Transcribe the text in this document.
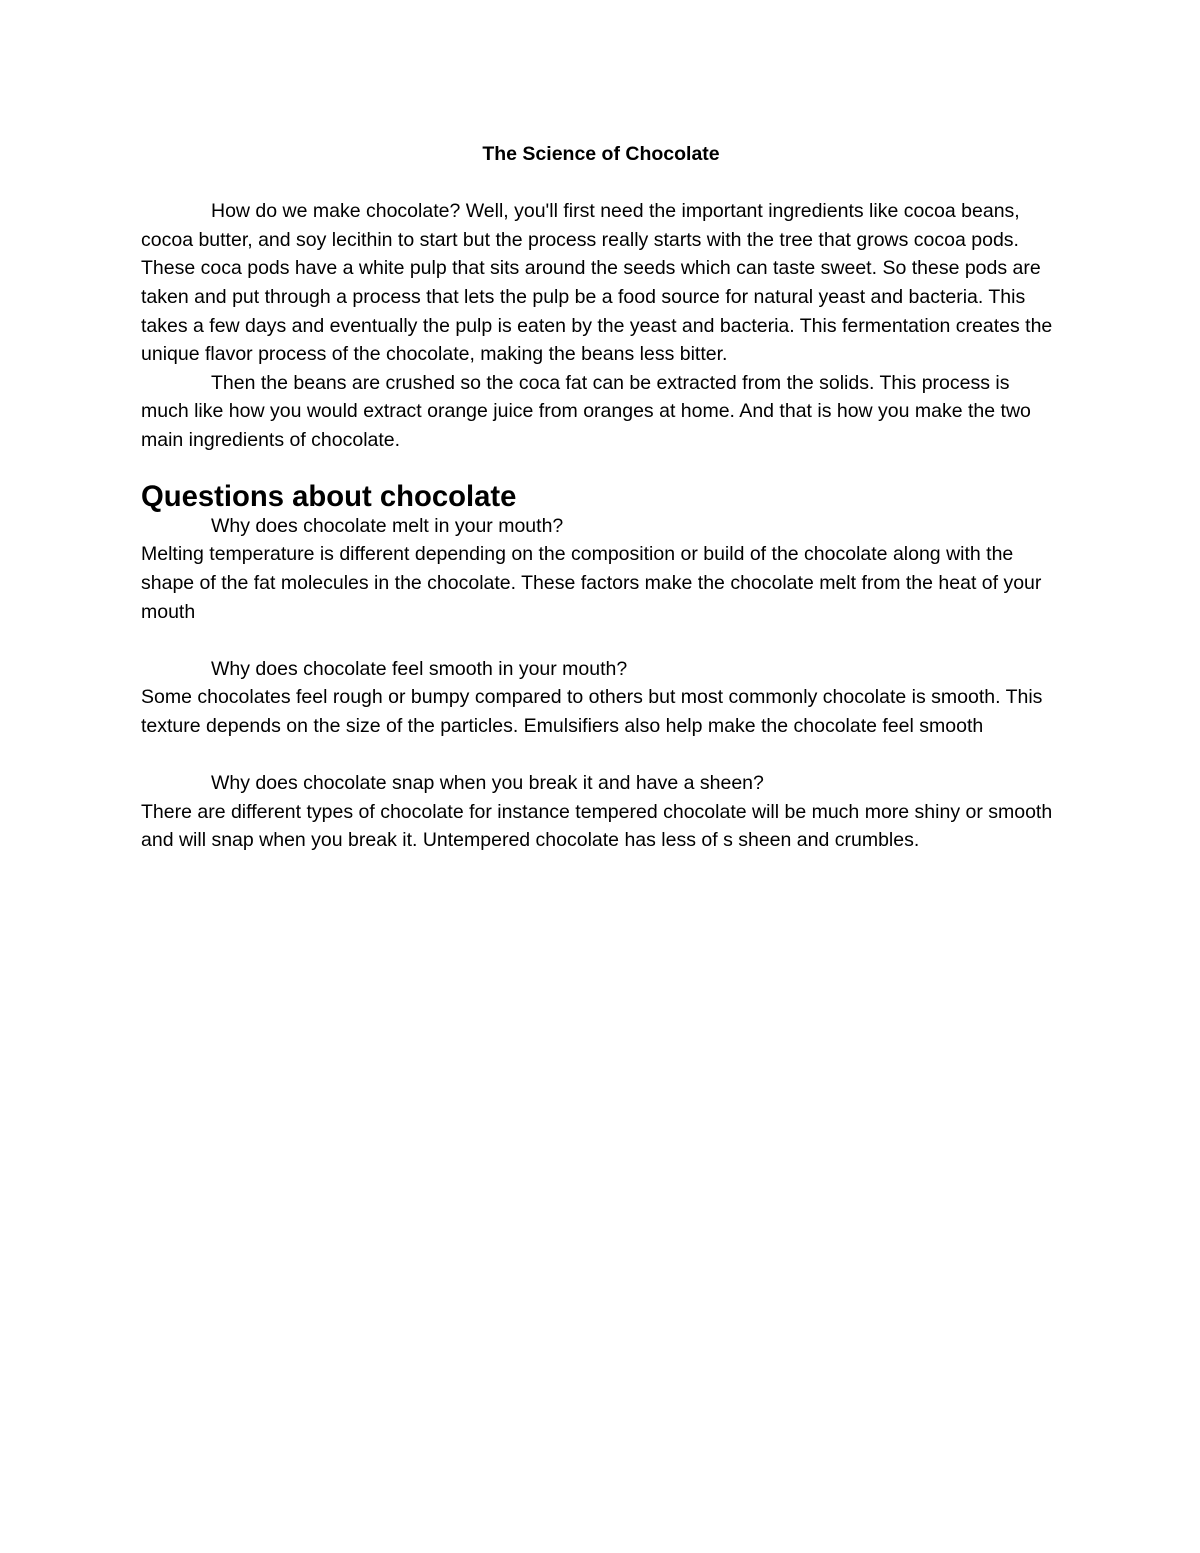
The Science of Chocolate

How do we make chocolate? Well, you'll first need the important ingredients like cocoa beans, cocoa butter, and soy lecithin to start but the process really starts with the tree that grows cocoa pods. These coca pods have a white pulp that sits around the seeds which can taste sweet. So these pods are taken and put through a process that lets the pulp be a food source for natural yeast and bacteria. This takes a few days and eventually the pulp is eaten by the yeast and bacteria. This fermentation creates the unique flavor process of the chocolate, making the beans less bitter.

Then the beans are crushed so the coca fat can be extracted from the solids. This process is much like how you would extract orange juice from oranges at home. And that is how you make the two main ingredients of chocolate.

Questions about chocolate

Why does chocolate melt in your mouth?

Melting temperature is different depending on the composition or build of the chocolate along with the shape of the fat molecules in the chocolate. These factors make the chocolate melt from the heat of your mouth

Why does chocolate feel smooth in your mouth?

Some chocolates feel rough or bumpy compared to others but most commonly chocolate is smooth. This texture depends on the size of the particles. Emulsifiers also help make the chocolate feel smooth

Why does chocolate snap when you break it and have a sheen?

There are different types of chocolate for instance tempered chocolate will be much more shiny or smooth and will snap when you break it. Untempered chocolate has less of s sheen and crumbles.
